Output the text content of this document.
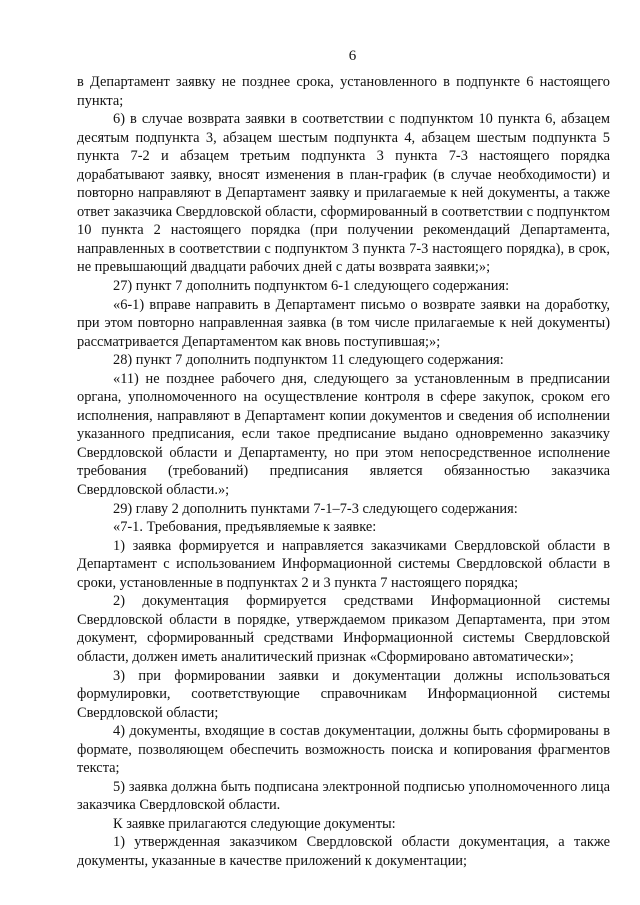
6

в Департамент заявку не позднее срока, установленного в подпункте 6 настоящего пункта;

6) в случае возврата заявки в соответствии с подпунктом 10 пункта 6, абзацем десятым подпункта 3, абзацем шестым подпункта 4, абзацем шестым подпункта 5 пункта 7-2 и абзацем третьим подпункта 3 пункта 7-3 настоящего порядка дорабатывают заявку, вносят изменения в план-график (в случае необходимости) и повторно направляют в Департамент заявку и прилагаемые к ней документы, а также ответ заказчика Свердловской области, сформированный в соответствии с подпунктом 10 пункта 2 настоящего порядка (при получении рекомендаций Департамента, направленных в соответствии с подпунктом 3 пункта 7-3 настоящего порядка), в срок, не превышающий двадцати рабочих дней с даты возврата заявки;»;

27) пункт 7 дополнить подпунктом 6-1 следующего содержания:

«6-1) вправе направить в Департамент письмо о возврате заявки на доработку, при этом повторно направленная заявка (в том числе прилагаемые к ней документы) рассматривается Департаментом как вновь поступившая;»;

28) пункт 7 дополнить подпунктом 11 следующего содержания:

«11) не позднее рабочего дня, следующего за установленным в предписании органа, уполномоченного на осуществление контроля в сфере закупок, сроком его исполнения, направляют в Департамент копии документов и сведения об исполнении указанного предписания, если такое предписание выдано одновременно заказчику Свердловской области и Департаменту, но при этом непосредственное исполнение требования (требований) предписания является обязанностью заказчика Свердловской области.»;

29) главу 2 дополнить пунктами 7-1–7-3 следующего содержания:

«7-1. Требования, предъявляемые к заявке:

1) заявка формируется и направляется заказчиками Свердловской области в Департамент с использованием Информационной системы Свердловской области в сроки, установленные в подпунктах 2 и 3 пункта 7 настоящего порядка;

2) документация формируется средствами Информационной системы Свердловской области в порядке, утверждаемом приказом Департамента, при этом документ, сформированный средствами Информационной системы Свердловской области, должен иметь аналитический признак «Сформировано автоматически»;

3) при формировании заявки и документации должны использоваться формулировки, соответствующие справочникам Информационной системы Свердловской области;

4) документы, входящие в состав документации, должны быть сформированы в формате, позволяющем обеспечить возможность поиска и копирования фрагментов текста;

5) заявка должна быть подписана электронной подписью уполномоченного лица заказчика Свердловской области.

К заявке прилагаются следующие документы:

1) утвержденная заказчиком Свердловской области документация, а также документы, указанные в качестве приложений к документации;
